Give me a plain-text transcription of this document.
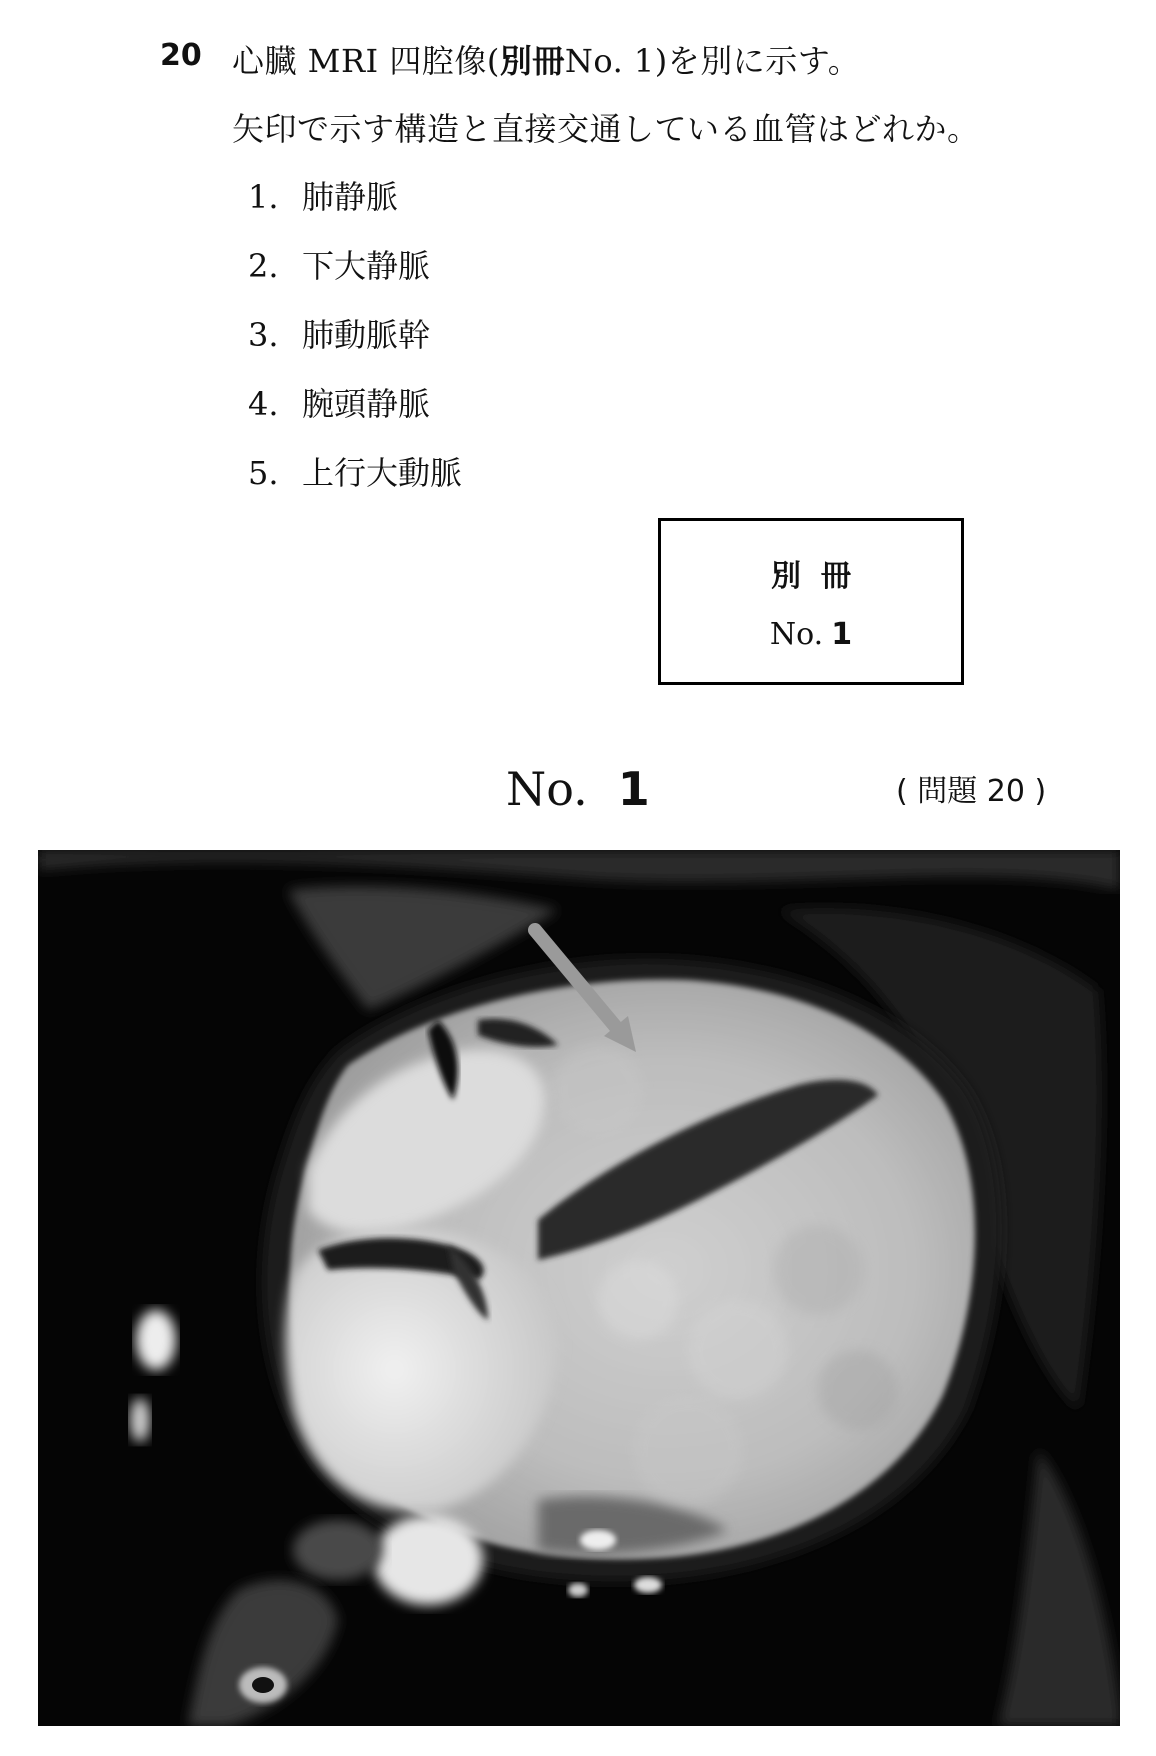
20 心臓 MRI 四腔像(別冊No. 1)を別に示す。
矢印で示す構造と直接交通している血管はどれか。
1. 肺静脈
2. 下大静脈
3. 肺動脈幹
4. 腕頭静脈
5. 上行大動脈
別冊
No. 1
No. 1	( 問題 20 )
